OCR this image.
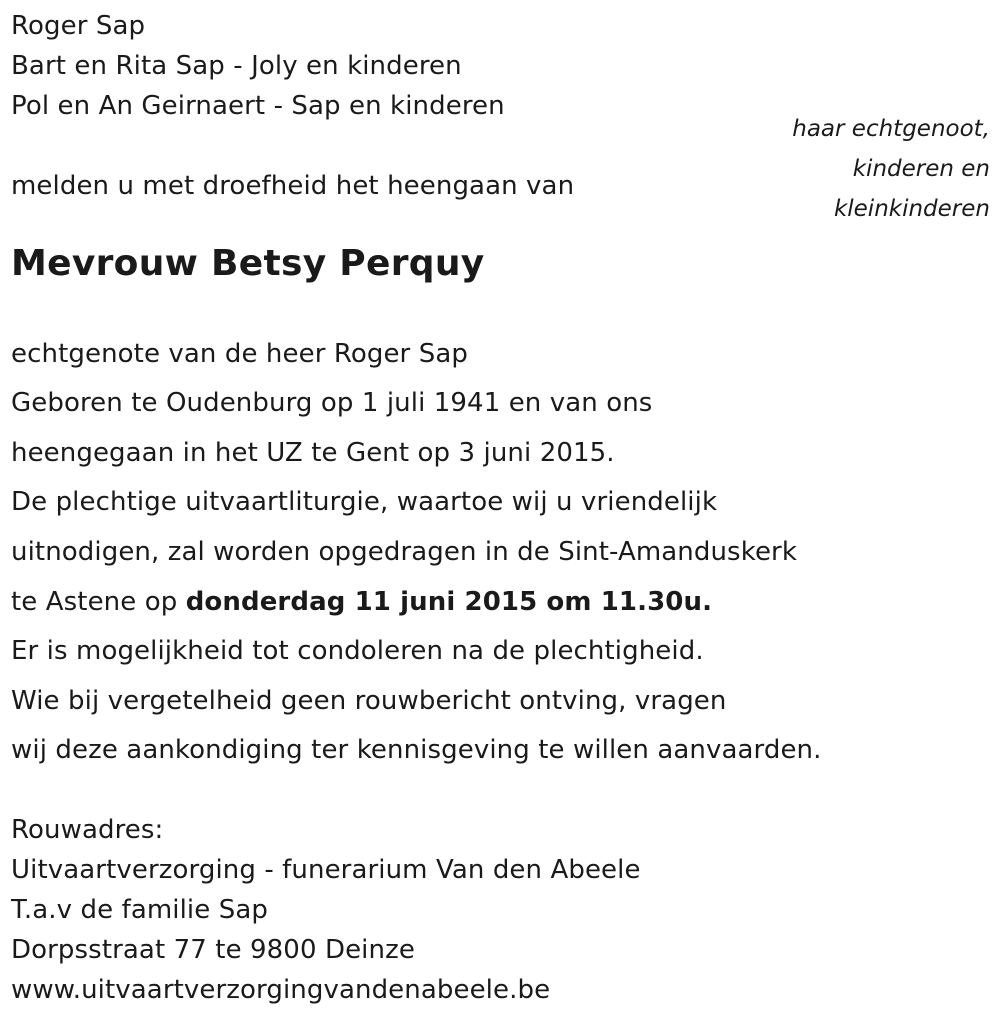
Roger Sap
Bart en Rita Sap - Joly en kinderen
Pol en An Geirnaert - Sap en kinderen
haar echtgenoot,
kinderen en
kleinkinderen
melden u met droefheid het heengaan van
Mevrouw Betsy Perquy
echtgenote van de heer Roger Sap
Geboren te Oudenburg op 1 juli 1941 en van ons
heengegaan in het UZ te Gent op 3 juni 2015.
De plechtige uitvaartliturgie, waartoe wij u vriendelijk
uitnodigen, zal worden opgedragen in de Sint-Amanduskerk
te Astene op donderdag 11 juni 2015 om 11.30u.
Er is mogelijkheid tot condoleren na de plechtigheid.
Wie bij vergetelheid geen rouwbericht ontving, vragen
wij deze aankondiging ter kennisgeving te willen aanvaarden.
Rouwadres:
Uitvaartverzorging - funerarium Van den Abeele
T.a.v de familie Sap
Dorpsstraat 77 te 9800 Deinze
www.uitvaartverzorgingvandenabeele.be
